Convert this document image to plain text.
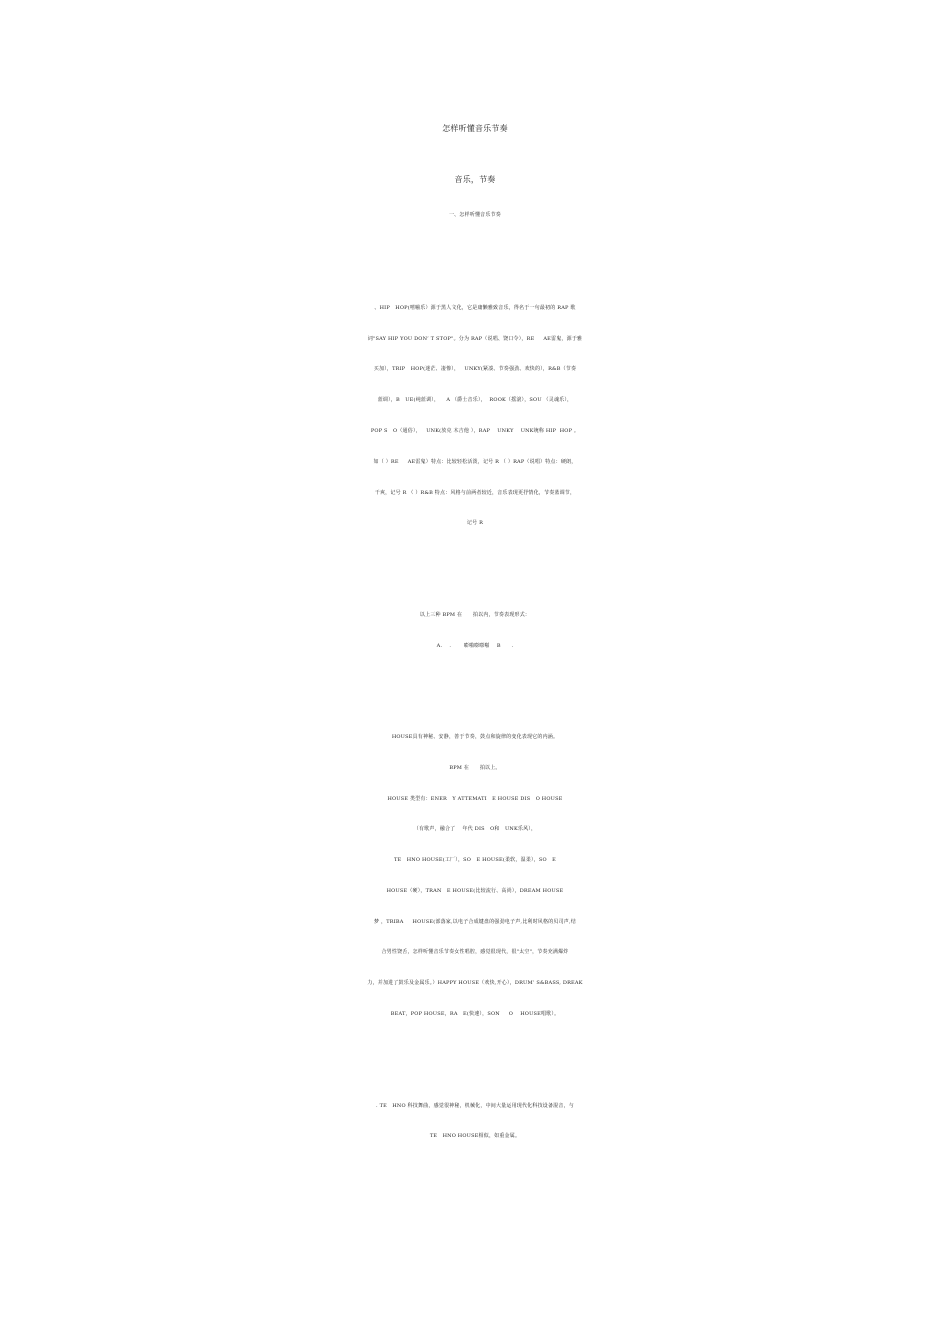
怎样听懂音乐节奏
音乐，节奏
一、怎样听懂音乐节奏
、HIP   HOP(嘻嘣乐）源于黑人文化，它是庸懒雅致音乐，得名于一句最初的 RAP 歌
词"SAY HIP YOU DON’ T STOP"。分为 RAP（说唱、饶口令），RE     AE雷鬼，源于雅
买加），TRIP   HOP(迷茫、凄惨），   UNKY(紧凑、节奏强劲、欢快的），R&B（节奏
蓝调），B   UE(纯蓝调），    A （爵士音乐），  ROOK（摇滚），SOU （灵魂乐），
POP S   O（通俗），   UNK(放克 木吉他 ），RAP    UNKY    UNK统称 HIP  HOP 。
如（ ）RE     AE雷鬼）特点：比较轻松活泼，记号 R （ ）RAP（说唱）特点：硬朗，
干爽，记号 R （ ）R&B 特点：风格与前两者较近，音乐表现更抒情化，节奏蓝调节，
记号 R
以上三种 BPM 在      拍以内，节奏表现形式：
A.    .       嘭啪嘭嘭啪    B      .
HOUSE具有神秘、安静，善于节奏，鼓点和旋律的变化表现它的内涵。
BPM 在      拍以上。
HOUSE 类型有：ENER   Y ATTEMATI   E HOUSE DIS   O HOUSE
（有歌声，融合了    年代 DIS   O和   UNK乐风），
TE   HNO HOUSE(工厂），SO   E HOUSE(柔软，温柔），SO   E
HOUSE（硬），TRAN   E HOUSE(比较流行、高尚），DREAM HOUSE
梦 ，TRIBA     HOUSE(部落家,以电子合成键盘的强劲电子声,比利时风格的贝司声,结
合男性饶舌，怎样听懂音乐节奏女性唱腔，感觉很现代，很"太空"，节奏充满爆炸
力，并加进了鼓乐及金属乐。）HAPPY HOUSE（欢快,开心），DRUM’ S&BASS, DREAK
BEAT，POP HOUSE，RA   E(快速），SON     O    HOUSE唱歌）。
. TE   HNO 科技舞曲，感觉很神秘，机械化，中间大量运用现代化科技设备混音，与
TE   HNO HOUSE相似，如重金属。
